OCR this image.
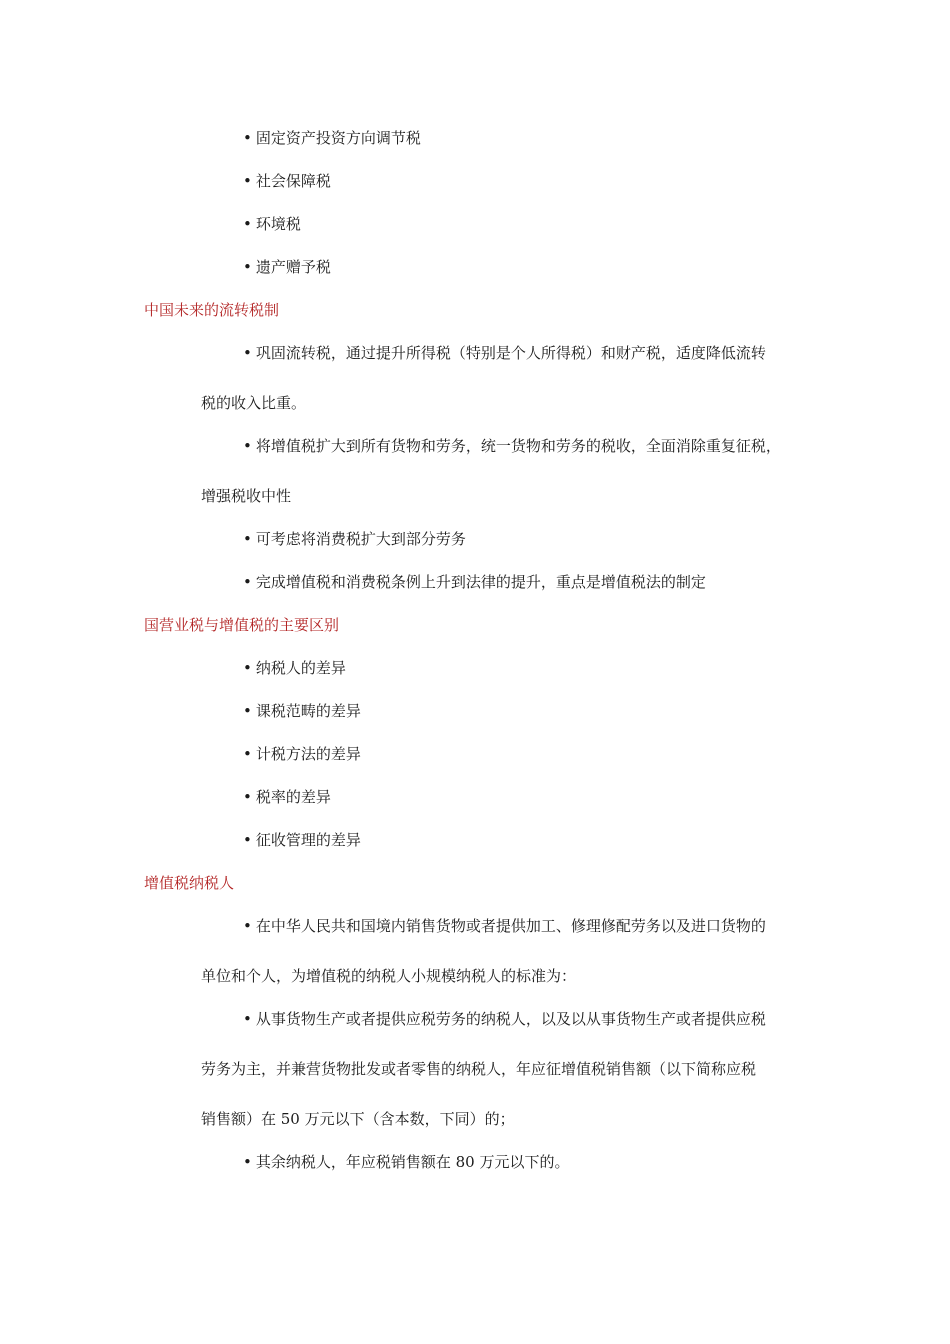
• 固定资产投资方向调节税
• 社会保障税
• 环境税
• 遗产赠予税
中国未来的流转税制
• 巩固流转税，通过提升所得税（特别是个人所得税）和财产税，适度降低流转
税的收入比重。
• 将增值税扩大到所有货物和劳务，统一货物和劳务的税收，全面消除重复征税，
增强税收中性
• 可考虑将消费税扩大到部分劳务
• 完成增值税和消费税条例上升到法律的提升，重点是增值税法的制定
国营业税与增值税的主要区别
• 纳税人的差异
• 课税范畴的差异
• 计税方法的差异
• 税率的差异
• 征收管理的差异
增值税纳税人
• 在中华人民共和国境内销售货物或者提供加工、修理修配劳务以及进口货物的
单位和个人，为增值税的纳税人小规模纳税人的标准为：
• 从事货物生产或者提供应税劳务的纳税人，以及以从事货物生产或者提供应税
劳务为主，并兼营货物批发或者零售的纳税人，年应征增值税销售额（以下简称应税
销售额）在 50 万元以下（含本数，下同）的；
• 其余纳税人，年应税销售额在 80 万元以下的。
